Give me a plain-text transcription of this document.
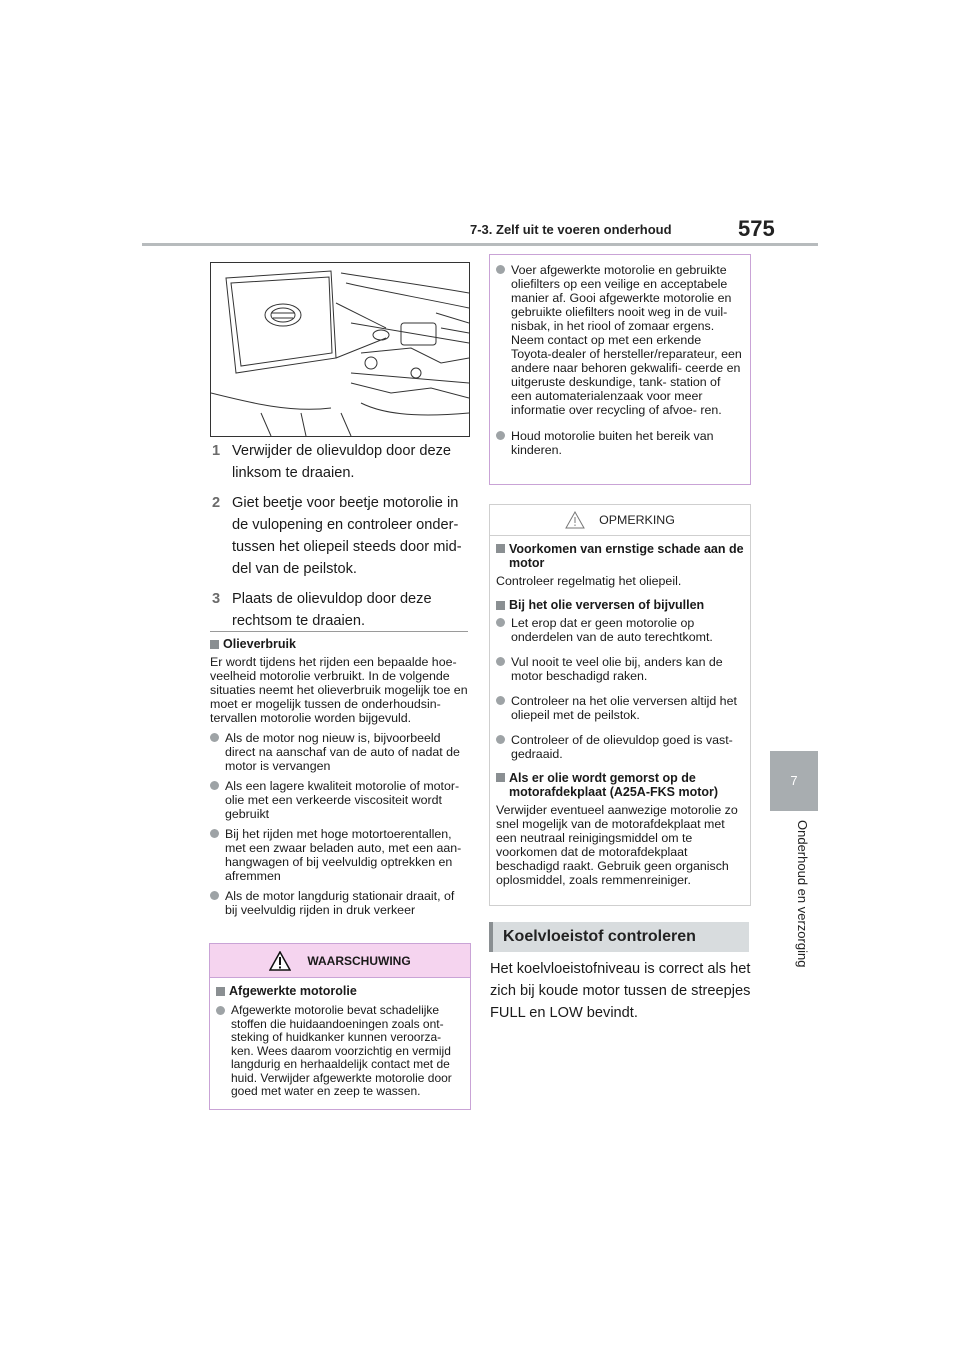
7-3. Zelf uit te voeren onderhoud	575
7
Onderhoud en verzorging
1 Verwijder de olievuldop door deze linksom te draaien.
2 Giet beetje voor beetje motorolie in de vulopening en controleer onder- tussen het oliepeil steeds door mid- del van de peilstok.
3 Plaats de olievuldop door deze rechtsom te draaien.
Olieverbruik
Er wordt tijdens het rijden een bepaalde hoe- veelheid motorolie verbruikt. In de volgende situaties neemt het olieverbruik mogelijk toe en moet er mogelijk tussen de onderhoudsin- tervallen motorolie worden bijgevuld.
Als de motor nog nieuw is, bijvoorbeeld direct na aanschaf van de auto of nadat de motor is vervangen
Als een lagere kwaliteit motorolie of motor- olie met een verkeerde viscositeit wordt gebruikt
Bij het rijden met hoge motortoerentallen, met een zwaar beladen auto, met een aan- hangwagen of bij veelvuldig optrekken en afremmen
Als de motor langdurig stationair draait, of bij veelvuldig rijden in druk verkeer
WAARSCHUWING
Afgewerkte motorolie
Afgewerkte motorolie bevat schadelijke stoffen die huidaandoeningen zoals ont- steking of huidkanker kunnen veroorza- ken. Wees daarom voorzichtig en vermijd langdurig en herhaaldelijk contact met de huid. Verwijder afgewerkte motorolie door goed met water en zeep te wassen.
Voer afgewerkte motorolie en gebruikte oliefilters op een veilige en acceptabele manier af. Gooi afgewerkte motorolie en gebruikte oliefilters nooit weg in de vuil- nisbak, in het riool of zomaar ergens. Neem contact op met een erkende Toyota-dealer of hersteller/reparateur, een andere naar behoren gekwalifi- ceerde en uitgeruste deskundige, tank- station of een automaterialenzaak voor meer informatie over recycling of afvoe- ren.
Houd motorolie buiten het bereik van kinderen.
OPMERKING
Voorkomen van ernstige schade aan de motor
Controleer regelmatig het oliepeil.
Bij het olie verversen of bijvullen
Let erop dat er geen motorolie op onderdelen van de auto terechtkomt.
Vul nooit te veel olie bij, anders kan de motor beschadigd raken.
Controleer na het olie verversen altijd het oliepeil met de peilstok.
Controleer of de olievuldop goed is vast- gedraaid.
Als er olie wordt gemorst op de motorafdekplaat (A25A-FKS motor)
Verwijder eventueel aanwezige motorolie zo snel mogelijk van de motorafdekplaat met een neutraal reinigingsmiddel om te voorkomen dat de motorafdekplaat beschadigd raakt. Gebruik geen organisch oplosmiddel, zoals remmenreiniger.
Koelvloeistof controleren
Het koelvloeistofniveau is correct als het zich bij koude motor tussen de streepjes FULL en LOW bevindt.
